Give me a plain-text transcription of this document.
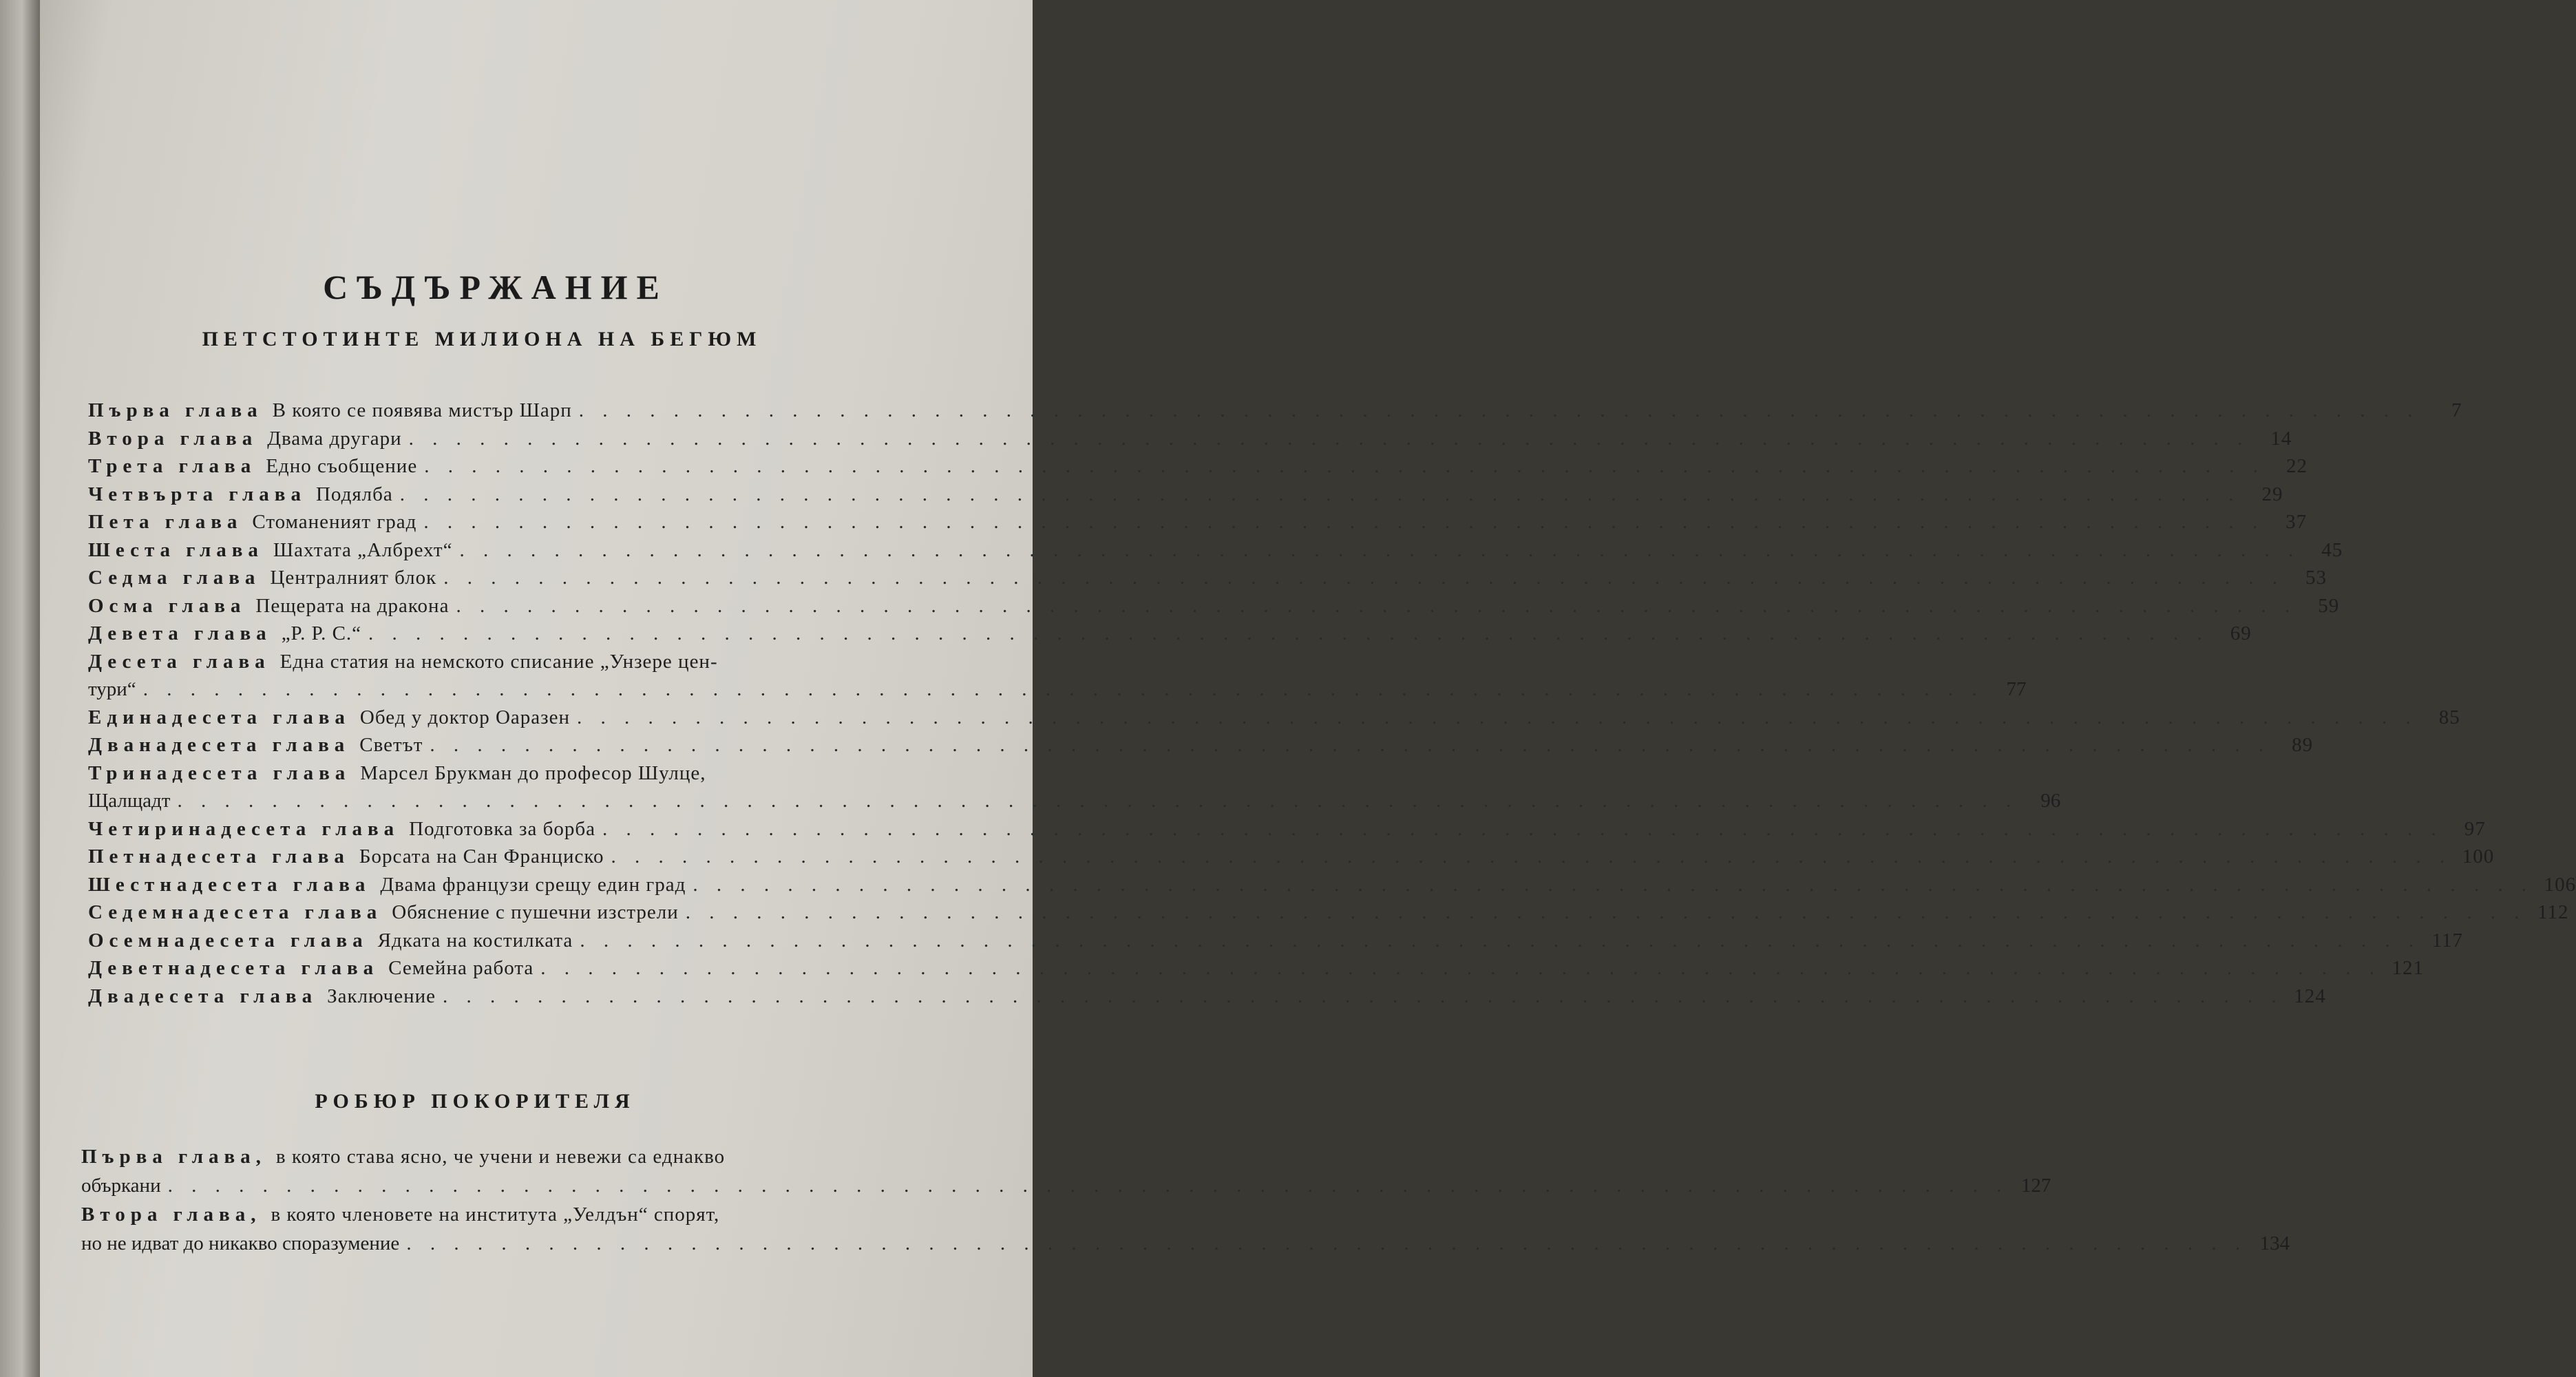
СЪДЪРЖАНИЕ
ПЕТСТОТИНТЕ МИЛИОНА НА БЕГЮМ
РОБЮР ПОКОРИТЕЛЯ
Първа глава В която се появява мистър Шарп . . . . . . . . . . . . . . . . . . . . . . . . . . . . . . . . . . . . . . . . . . . . . . . . . . . . . . . . . . . . . . . . . . . . . . . . . . . . . .	7
Втора глава Двама другари . . . . . . . . . . . . . . . . . . . . . . . . . . . . . . . . . . . . . . . . . . . . . . . . . . . . . . . . . . . . . . . . . . . . . . . . . . . . . .	14
Трета глава Едно съобщение . . . . . . . . . . . . . . . . . . . . . . . . . . . . . . . . . . . . . . . . . . . . . . . . . . . . . . . . . . . . . . . . . . . . . . . . . . . . . .	22
Четвърта глава Подялба . . . . . . . . . . . . . . . . . . . . . . . . . . . . . . . . . . . . . . . . . . . . . . . . . . . . . . . . . . . . . . . . . . . . . . . . . . . . . .	29
Пета глава Стоманеният град . . . . . . . . . . . . . . . . . . . . . . . . . . . . . . . . . . . . . . . . . . . . . . . . . . . . . . . . . . . . . . . . . . . . . . . . . . . . . .	37
Шеста глава Шахтата „Албрехт“ . . . . . . . . . . . . . . . . . . . . . . . . . . . . . . . . . . . . . . . . . . . . . . . . . . . . . . . . . . . . . . . . . . . . . . . . . . . . . .	45
Седма глава Централният блок . . . . . . . . . . . . . . . . . . . . . . . . . . . . . . . . . . . . . . . . . . . . . . . . . . . . . . . . . . . . . . . . . . . . . . . . . . . . . .	53
Осма глава Пещерата на дракона . . . . . . . . . . . . . . . . . . . . . . . . . . . . . . . . . . . . . . . . . . . . . . . . . . . . . . . . . . . . . . . . . . . . . . . . . . . . . .	59
Девета глава „Р. Р. С.“ . . . . . . . . . . . . . . . . . . . . . . . . . . . . . . . . . . . . . . . . . . . . . . . . . . . . . . . . . . . . . . . . . . . . . . . . . . . . . .	69
Десета глава Една статия на немското списание „Унзере цен-
тури“ . . . . . . . . . . . . . . . . . . . . . . . . . . . . . . . . . . . . . . . . . . . . . . . . . . . . . . . . . . . . . . . . . . . . . . . . . . . . . .	77
Единадесета глава Обед у доктор Оаразен . . . . . . . . . . . . . . . . . . . . . . . . . . . . . . . . . . . . . . . . . . . . . . . . . . . . . . . . . . . . . . . . . . . . . . . . . . . . . .	85
Дванадесета глава Светът . . . . . . . . . . . . . . . . . . . . . . . . . . . . . . . . . . . . . . . . . . . . . . . . . . . . . . . . . . . . . . . . . . . . . . . . . . . . . .	89
Тринадесета глава Марсел Брукман до професор Шулце,
Щалщадт . . . . . . . . . . . . . . . . . . . . . . . . . . . . . . . . . . . . . . . . . . . . . . . . . . . . . . . . . . . . . . . . . . . . . . . . . . . . . .	96
Четиринадесета глава Подготовка за борба . . . . . . . . . . . . . . . . . . . . . . . . . . . . . . . . . . . . . . . . . . . . . . . . . . . . . . . . . . . . . . . . . . . . . . . . . . . . . .	97
Петнадесета глава Борсата на Сан Франциско . . . . . . . . . . . . . . . . . . . . . . . . . . . . . . . . . . . . . . . . . . . . . . . . . . . . . . . . . . . . . . . . . . . . . . . . . . . . . . 100
Шестнадесета глава Двама французи срещу един град . . . . . . . . . . . . . . . . . . . . . . . . . . . . . . . . . . . . . . . . . . . . . . . . . . . . . . . . . . . . . . . . . . . . . . . . . . . . . . 106
Седемнадесета глава Обяснение с пушечни изстрели . . . . . . . . . . . . . . . . . . . . . . . . . . . . . . . . . . . . . . . . . . . . . . . . . . . . . . . . . . . . . . . . . . . . . . . . . . . . . . 112
Осемнадесета глава Ядката на костилката . . . . . . . . . . . . . . . . . . . . . . . . . . . . . . . . . . . . . . . . . . . . . . . . . . . . . . . . . . . . . . . . . . . . . . . . . . . . . . 117
Деветнадесета глава Семейна работа . . . . . . . . . . . . . . . . . . . . . . . . . . . . . . . . . . . . . . . . . . . . . . . . . . . . . . . . . . . . . . . . . . . . . . . . . . . . . . 121
Двадесета глава Заключение . . . . . . . . . . . . . . . . . . . . . . . . . . . . . . . . . . . . . . . . . . . . . . . . . . . . . . . . . . . . . . . . . . . . . . . . . . . . . . 124
Първа глава, в която става ясно, че учени и невежи са еднакво
объркани . . . . . . . . . . . . . . . . . . . . . . . . . . . . . . . . . . . . . . . . . . . . . . . . . . . . . . . . . . . . . . . . . . . . . . . . . . . . . . 127
Втора глава, в която членовете на института „Уелдън“ спорят,
но не идват до никакво споразумение . . . . . . . . . . . . . . . . . . . . . . . . . . . . . . . . . . . . . . . . . . . . . . . . . . . . . . . . . . . . . . . . . . . . . . . . . . . . . . 134
